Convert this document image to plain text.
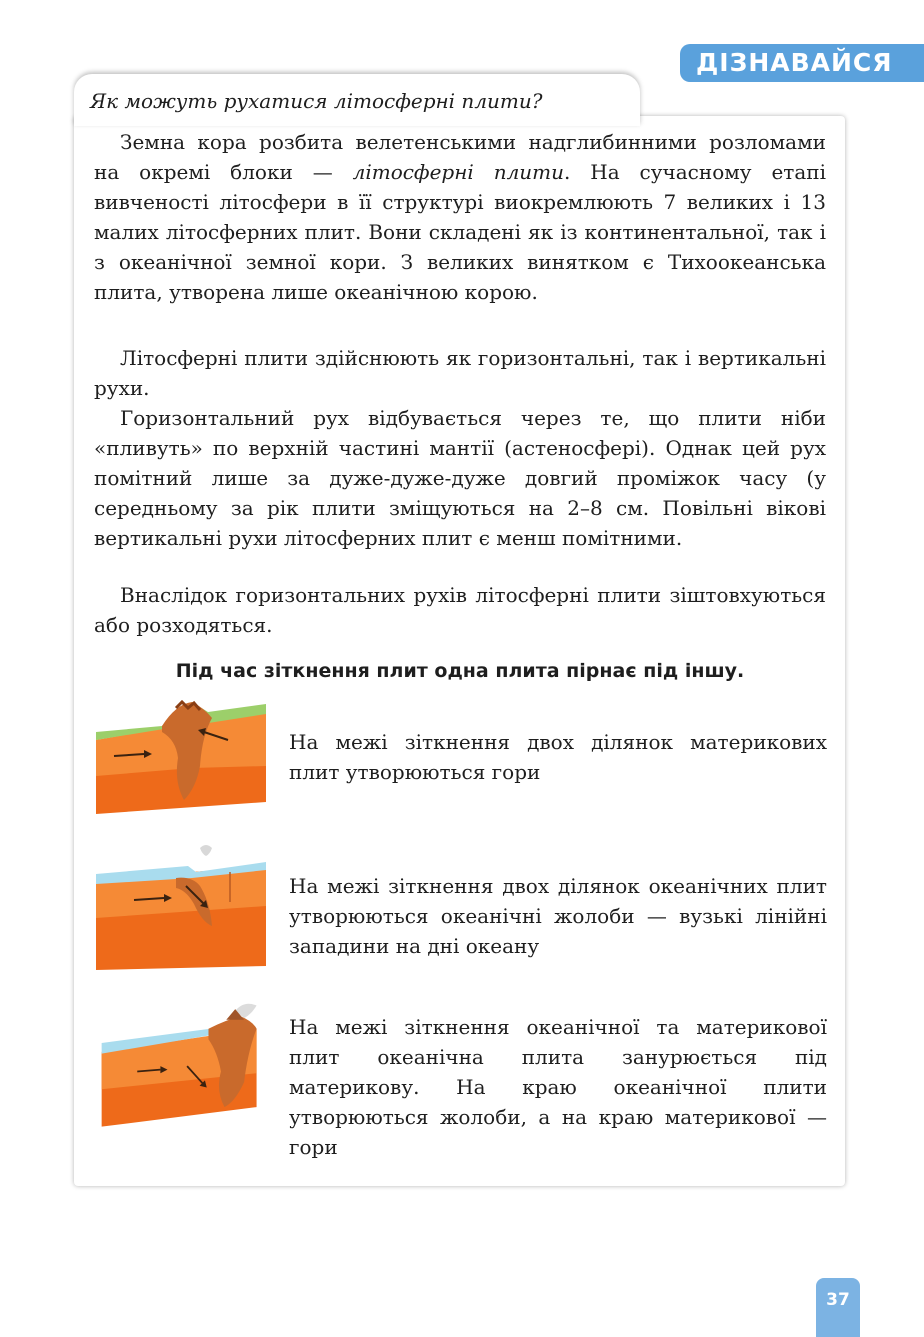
ДІЗНАВАЙСЯ
Як можуть рухатися літосферні плити?

Земна кора розбита велетенськими надглибинними розломами на окремі блоки — літосферні плити. На сучасному етапі вивченості літосфери в її структурі виокремлюють 7 великих і 13 малих літосферних плит. Вони складені як із континентальної, так і з океанічної земної кори. З великих винятком є Тихоокеанська плита, утворена лише океанічною корою.

Літосферні плити здійснюють як горизонтальні, так і вертикальні рухи.

Горизонтальний рух відбувається через те, що плити ніби «пливуть» по верхній частині мантії (астеносфері). Однак цей рух помітний лише за дуже-дуже-дуже довгий проміжок часу (у середньому за рік плити зміщуються на 2–8 см. Повільні вікові вертикальні рухи літосферних плит є менш помітними.

Внаслідок горизонтальних рухів літосферні плити зіштовхуються або розходяться.

Під час зіткнення плит одна плита пірнає під іншу.
На межі зіткнення двох ділянок материкових плит утворюються гори
На межі зіткнення двох ділянок океанічних плит утворюються океанічні жолоби — вузькі лінійні западини на дні океану
На межі зіткнення океанічної та материкової плит океанічна плита занурюється під материкову. На краю океанічної плити утворюються жолоби, а на краю материкової — гори
37
